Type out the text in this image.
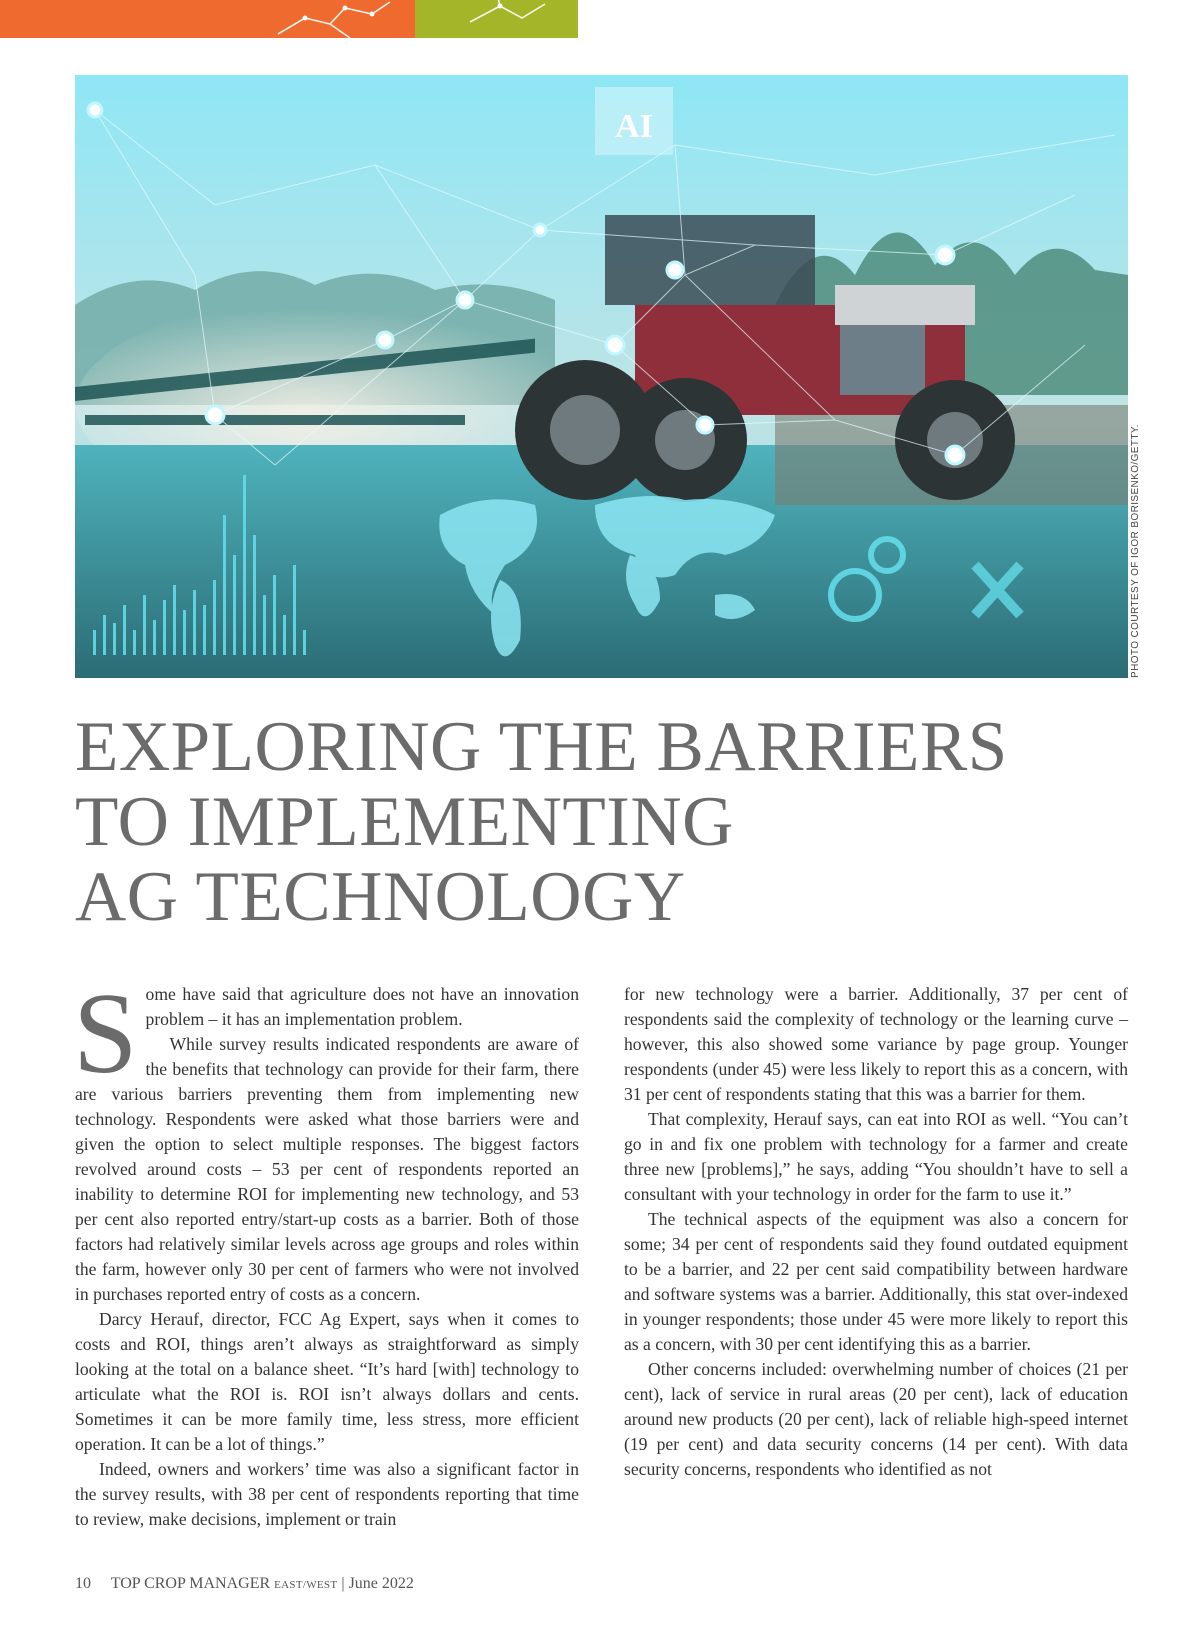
AI
PHOTO COURTESY OF IGOR BORISENKO/GETTY.
EXPLORING THE BARRIERS
TO IMPLEMENTING
AG TECHNOLOGY

Some have said that agriculture does not have an innovation problem – it has an implementation problem.

While survey results indicated respondents are aware of the benefits that technology can provide for their farm, there are various barriers preventing them from implementing new technology. Respondents were asked what those barriers were and given the option to select multiple responses. The biggest factors revolved around costs – 53 per cent of respondents reported an inability to determine ROI for implementing new technology, and 53 per cent also reported entry/start-up costs as a barrier. Both of those factors had relatively similar levels across age groups and roles within the farm, however only 30 per cent of farmers who were not involved in purchases reported entry of costs as a concern.

Darcy Herauf, director, FCC Ag Expert, says when it comes to costs and ROI, things aren’t always as straightforward as simply looking at the total on a balance sheet. “It’s hard [with] technology to articulate what the ROI is. ROI isn’t always dollars and cents. Sometimes it can be more family time, less stress, more efficient operation. It can be a lot of things.”

Indeed, owners and workers’ time was also a significant factor in the survey results, with 38 per cent of respondents reporting that time to review, make decisions, implement or train

for new technology were a barrier. Additionally, 37 per cent of respondents said the complexity of technology or the learning curve – however, this also showed some variance by page group. Younger respondents (under 45) were less likely to report this as a concern, with 31 per cent of respondents stating that this was a barrier for them.

That complexity, Herauf says, can eat into ROI as well. “You can’t go in and fix one problem with technology for a farmer and create three new [problems],” he says, adding “You shouldn’t have to sell a consultant with your technology in order for the farm to use it.”

The technical aspects of the equipment was also a concern for some; 34 per cent of respondents said they found outdated equipment to be a barrier, and 22 per cent said compatibility between hardware and software systems was a barrier. Additionally, this stat over-indexed in younger respondents; those under 45 were more likely to report this as a concern, with 30 per cent identifying this as a barrier.

Other concerns included: overwhelming number of choices (21 per cent), lack of service in rural areas (20 per cent), lack of education around new products (20 per cent), lack of reliable high-speed internet (19 per cent) and data security concerns (14 per cent). With data security concerns, respondents who identified as not

10 TOP CROP MANAGER EAST/WEST | June 2022
